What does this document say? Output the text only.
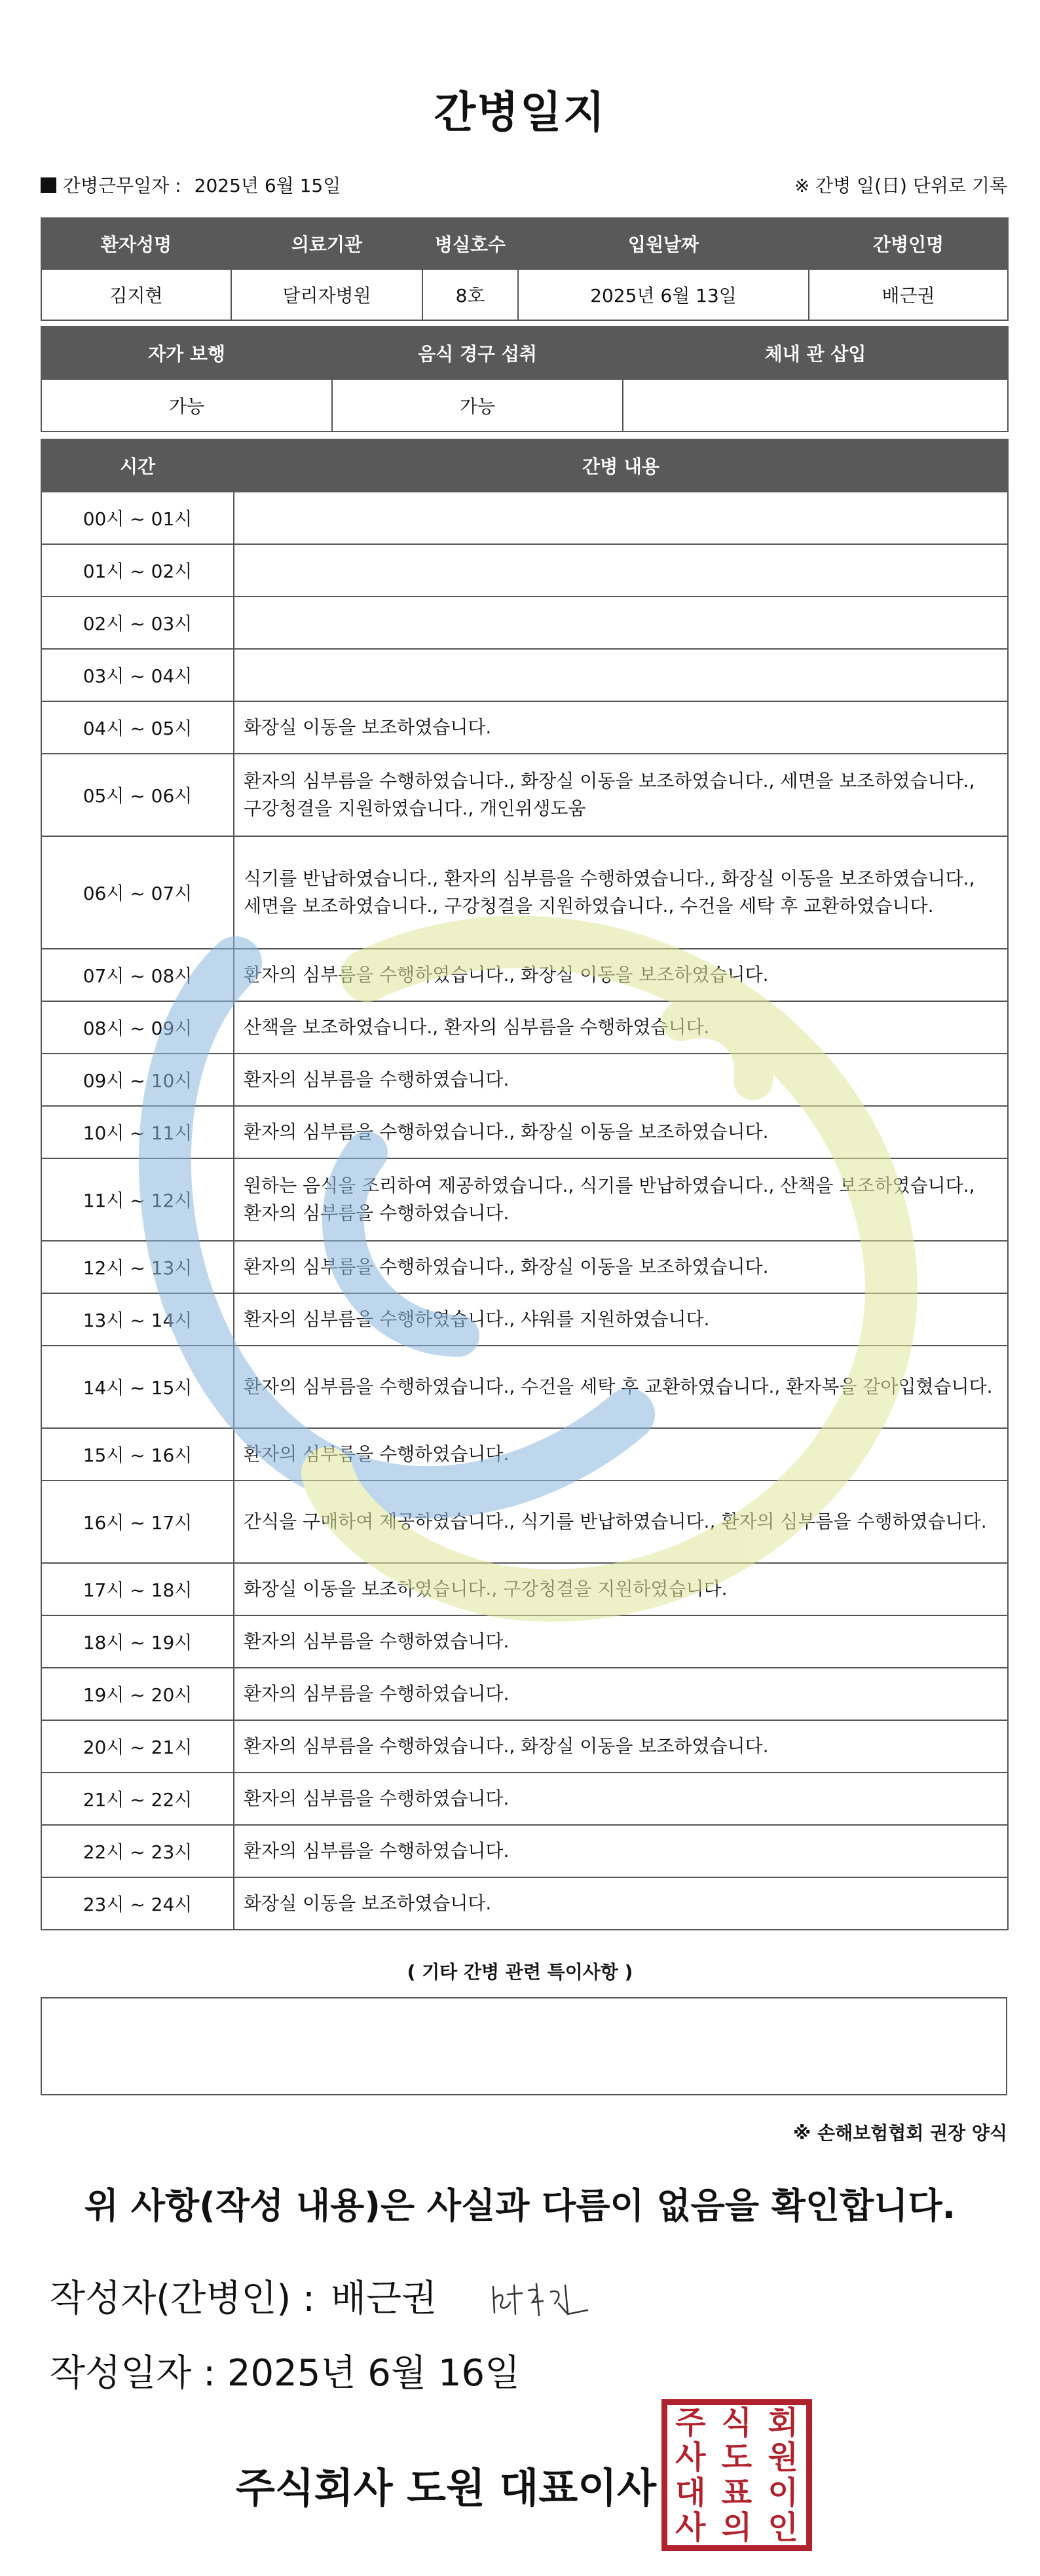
간병일지
간병근무일자 : 2025년 6월 15일	※ 간병 일(日) 단위로 기록
환자성명	의료기관	병실호수	입원날짜	간병인명
김지현	달리자병원	8호	2025년 6월 13일	배근권
자가 보행	음식 경구 섭취	체내 관 삽입
가능	가능	
시간	간병 내용
00시 ~ 01시	
01시 ~ 02시	
02시 ~ 03시	
03시 ~ 04시	
04시 ~ 05시	화장실 이동을 보조하였습니다.
05시 ~ 06시	환자의 심부름을 수행하였습니다., 화장실 이동을 보조하였습니다., 세면을 보조하였습니다., 구강청결을 지원하였습니다., 개인위생도움
06시 ~ 07시	식기를 반납하였습니다., 환자의 심부름을 수행하였습니다., 화장실 이동을 보조하였습니다., 세면을 보조하였습니다., 구강청결을 지원하였습니다., 수건을 세탁 후 교환하였습니다.
07시 ~ 08시	환자의 심부름을 수행하였습니다., 화장실 이동을 보조하였습니다.
08시 ~ 09시	산책을 보조하였습니다., 환자의 심부름을 수행하였습니다.
09시 ~ 10시	환자의 심부름을 수행하였습니다.
10시 ~ 11시	환자의 심부름을 수행하였습니다., 화장실 이동을 보조하였습니다.
11시 ~ 12시	원하는 음식을 조리하여 제공하였습니다., 식기를 반납하였습니다., 산책을 보조하였습니다., 환자의 심부름을 수행하였습니다.
12시 ~ 13시	환자의 심부름을 수행하였습니다., 화장실 이동을 보조하였습니다.
13시 ~ 14시	환자의 심부름을 수행하였습니다., 샤워를 지원하였습니다.
14시 ~ 15시	환자의 심부름을 수행하였습니다., 수건을 세탁 후 교환하였습니다., 환자복을 갈아입혔습니다.
15시 ~ 16시	환자의 심부름을 수행하였습니다.
16시 ~ 17시	간식을 구매하여 제공하였습니다., 식기를 반납하였습니다., 환자의 심부름을 수행하였습니다.
17시 ~ 18시	화장실 이동을 보조하였습니다., 구강청결을 지원하였습니다.
18시 ~ 19시	환자의 심부름을 수행하였습니다.
19시 ~ 20시	환자의 심부름을 수행하였습니다.
20시 ~ 21시	환자의 심부름을 수행하였습니다., 화장실 이동을 보조하였습니다.
21시 ~ 22시	환자의 심부름을 수행하였습니다.
22시 ~ 23시	환자의 심부름을 수행하였습니다.
23시 ~ 24시	화장실 이동을 보조하였습니다.
( 기타 간병 관련 특이사항 )
※ 손해보험협회 권장 양식
위 사항(작성 내용)은 사실과 다름이 없음을 확인합니다.
작성자(간병인) : 배근권
작성일자 : 2025년 6월 16일
주식회사 도원 대표이사
주 식 회
사 도 원
대 표 이
사 의 인
